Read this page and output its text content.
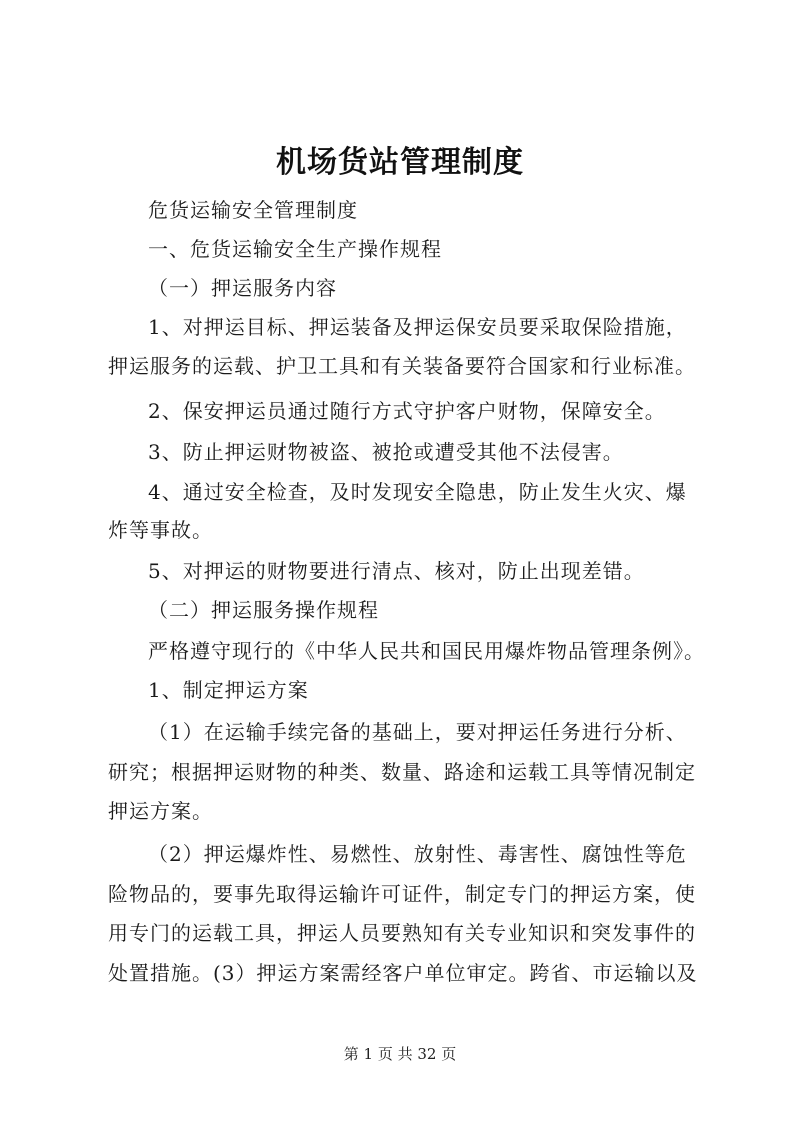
机场货站管理制度
危货运输安全管理制度
一、危货运输安全生产操作规程
（一）押运服务内容
1、对押运目标、押运装备及押运保安员要采取保险措施，
押运服务的运载、护卫工具和有关装备要符合国家和行业标准。
2、保安押运员通过随行方式守护客户财物，保障安全。
3、防止押运财物被盗、被抢或遭受其他不法侵害。
4、通过安全检查，及时发现安全隐患，防止发生火灾、爆
炸等事故。
5、对押运的财物要进行清点、核对，防止出现差错。
（二）押运服务操作规程
严格遵守现行的《中华人民共和国民用爆炸物品管理条例》。
1、制定押运方案
（1）在运输手续完备的基础上，要对押运任务进行分析、
研究；根据押运财物的种类、数量、路途和运载工具等情况制定
押运方案。
（2）押运爆炸性、易燃性、放射性、毒害性、腐蚀性等危
险物品的，要事先取得运输许可证件，制定专门的押运方案，使
用专门的运载工具，押运人员要熟知有关专业知识和突发事件的
处置措施。(3）押运方案需经客户单位审定。跨省、市运输以及
第 1 页 共 32 页
